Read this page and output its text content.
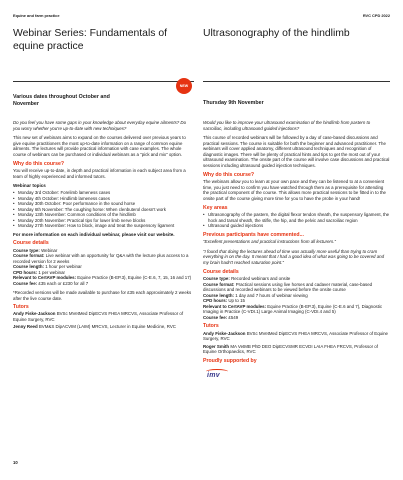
Equine and farm practice	RVC CPD 2022
Webinar Series: Fundamentals of equine practice
Various dates throughout October and November
NEW

Do you feel you have some gaps in your knowledge about everyday equine ailments? Do you worry whether you're up-to-date with new techniques?

This new set of webinars aims to expand on the courses delivered over previous years to give equine practitioners the most up-to-date information on a range of common equine ailments. The lectures will provide practical information with case examples. The whole course of webinars can be purchased or individual webinars as a "pick and mix" option.

Why do this course?

You will receive up-to-date, in depth and practical information in each subject area from a team of highly experienced and informed tutors.

Webinar topics
• Monday 3rd October: Forelimb lameness cases
• Monday 4th October: Hindlimb lameness cases
• Monday 30th October: Poor performance in the sound horse
• Monday 6th November: The coughing horse: When clenbuterol doesn't work
• Monday 13th November: Common conditions of the hindlimb
• Monday 20th November: Practical tips for lower limb nerve blocks
• Monday 27th November: How to block, image and treat the suspensory ligament
For more information on each individual webinar, please visit our website.
Course details

Course type: Webinar

Course format: Live webinar with an opportunity for Q&A with the lecture plus access to a recorded version for 2 weeks

Course length: 1 hour per webinar

CPD hours: 1 per webinar

Relevant to CertAVP modules: Equine Practice (B-EP.3), Equine (C-E.6, 7, 15, 16 and 17)

Course fee: £35 each or £230 for all 7

*Recorded versions will be made available to purchase for £35 each approximately 2 weeks after the live course date.

Tutors

Andy Fiske-Jackson BVSc MVetMed DipECVS FHEA MRCVS, Associate Professor of Equine Surgery, RVC

Jenny Reed BVM&S DipACVIM (LAIM) MRCVS, Lecturer in Equine Medicine, RVC

Ultrasonography of the hindlimb
Thursday 9th November

Would you like to improve your ultrasound examination of the hindlimb from pastern to sacroiliac, including ultrasound guided injections?

This course of recorded webinars will be followed by a day of case-based discussions and practical sessions. The course is suitable for both the beginner and advanced practitioner. The webinars will cover applied anatomy, different ultrasound techniques and recognition of diagnostic images. There will be plenty of practical hints and tips to get the most out of your ultrasound examination. The onsite part of the course will involve case discussions and practical sessions including ultrasound guided injection techniques.

Why do this course?

The webinars allow you to learn at your own pace and they can be listened to at a convenient time, you just need to confirm you have watched through them as a prerequisite for attending the practical component of the course. This allows more practical sessions to be fitted in to the onsite part of the course giving more time for you to have the probe in your hand!

Key areas
• Ultrasonography of the pastern, the digital flexor tendon sheath, the suspensory ligament, the hock and tarsal sheath, the stifle, the hip, and the pelvic and sacroiliac region
• Ultrasound guided injections
Previous participants have commented...

"Excellent presentations and practical instructions from all lecturers."

"I found that doing the lectures ahead of time was actually more useful than trying to cram everything in on the day. It meant that I had a good idea of what was going to be covered and my brain hadn't reached saturation point."

Course details

Course type: Recorded webinars and onsite

Course format: Practical sessions using live horses and cadaver material, case-based discussions and recorded webinars to be viewed before the onsite course

Course length: 1 day and 7 hours of webinar viewing

CPD hours: Up to 15

Relevant to CertAVP modules: Equine Practice (B-EP.3), Equine (C-E.6 and 7), Diagnostic Imaging in Practice (C-VDI.1) Large Animal Imaging (C-VDI.4 and 5)

Course fee: £549

Tutors

Andy Fiske-Jackson BVSc MVetMed DipECVS FHEA MRCVS, Associate Professor of Equine Surgery, RVC

Roger Smith MA VetMB PhD DEO DipECVSMR ECVDI LAIA FHEA FRCVS, Professor of Equine Orthopaedics, RVC

Proudly supported by
imv
10
